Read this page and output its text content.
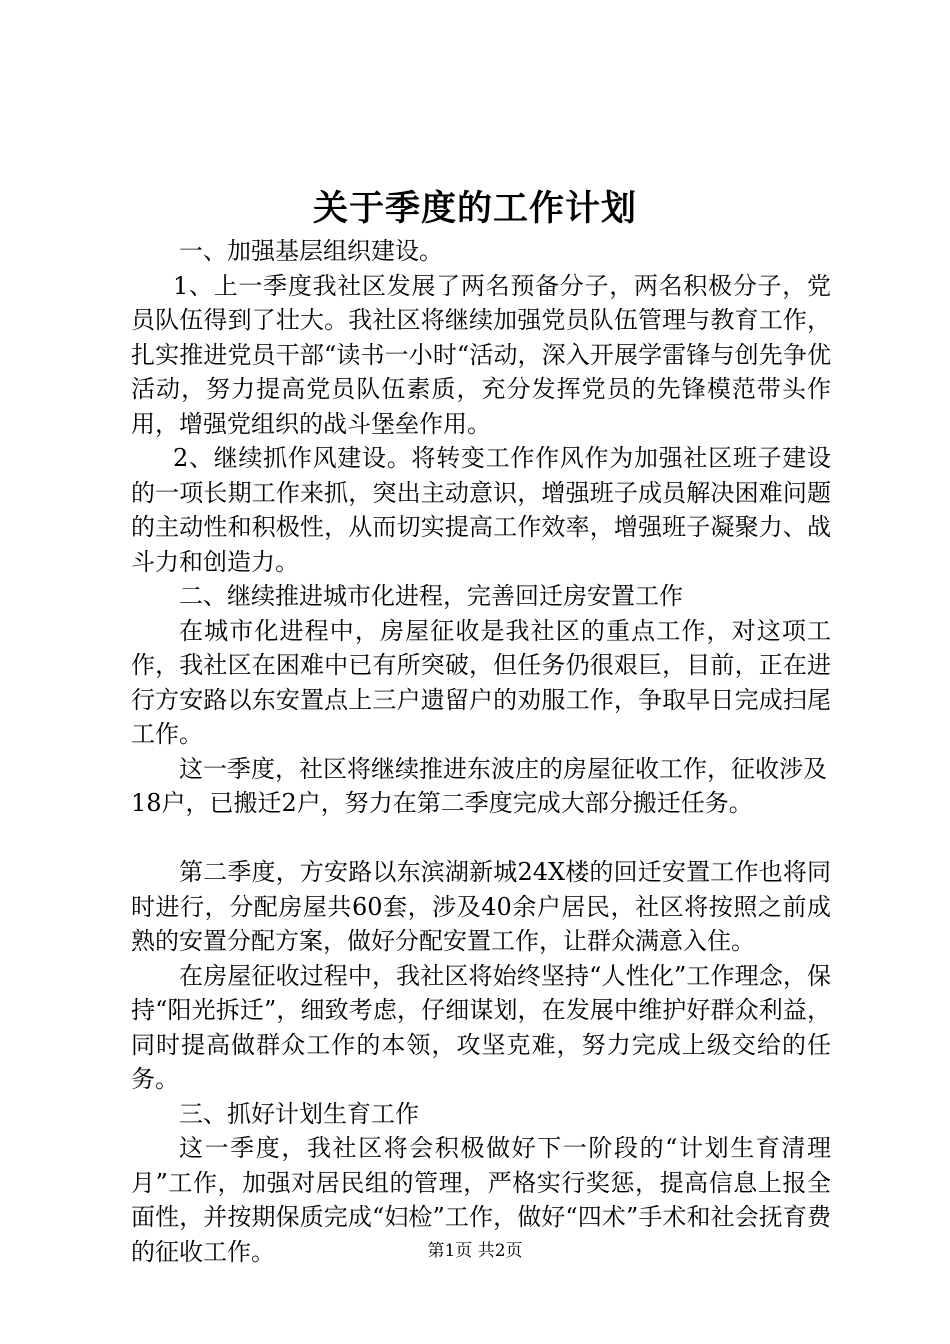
关于季度的工作计划

一、加强基层组织建设。

1、上一季度我社区发展了两名预备分子，两名积极分子，党员队伍得到了壮大。我社区将继续加强党员队伍管理与教育工作，扎实推进党员干部“读书一小时“活动，深入开展学雷锋与创先争优活动，努力提高党员队伍素质，充分发挥党员的先锋模范带头作用，增强党组织的战斗堡垒作用。

2、继续抓作风建设。将转变工作作风作为加强社区班子建设的一项长期工作来抓，突出主动意识，增强班子成员解决困难问题的主动性和积极性，从而切实提高工作效率，增强班子凝聚力、战斗力和创造力。

二、继续推进城市化进程，完善回迁房安置工作

在城市化进程中，房屋征收是我社区的重点工作，对这项工作，我社区在困难中已有所突破，但任务仍很艰巨，目前，正在进行方安路以东安置点上三户遗留户的劝服工作，争取早日完成扫尾工作。

这一季度，社区将继续推进东波庄的房屋征收工作，征收涉及18户，已搬迁2户，努力在第二季度完成大部分搬迁任务。

第二季度，方安路以东滨湖新城24X楼的回迁安置工作也将同时进行，分配房屋共60套，涉及40余户居民，社区将按照之前成熟的安置分配方案，做好分配安置工作，让群众满意入住。

在房屋征收过程中，我社区将始终坚持“人性化”工作理念，保持“阳光拆迁”，细致考虑，仔细谋划，在发展中维护好群众利益，同时提高做群众工作的本领，攻坚克难，努力完成上级交给的任务。

三、抓好计划生育工作

这一季度，我社区将会积极做好下一阶段的“计划生育清理月”工作，加强对居民组的管理，严格实行奖惩，提高信息上报全面性，并按期保质完成“妇检”工作，做好“四术”手术和社会抚育费的征收工作。	第1页 共2页
